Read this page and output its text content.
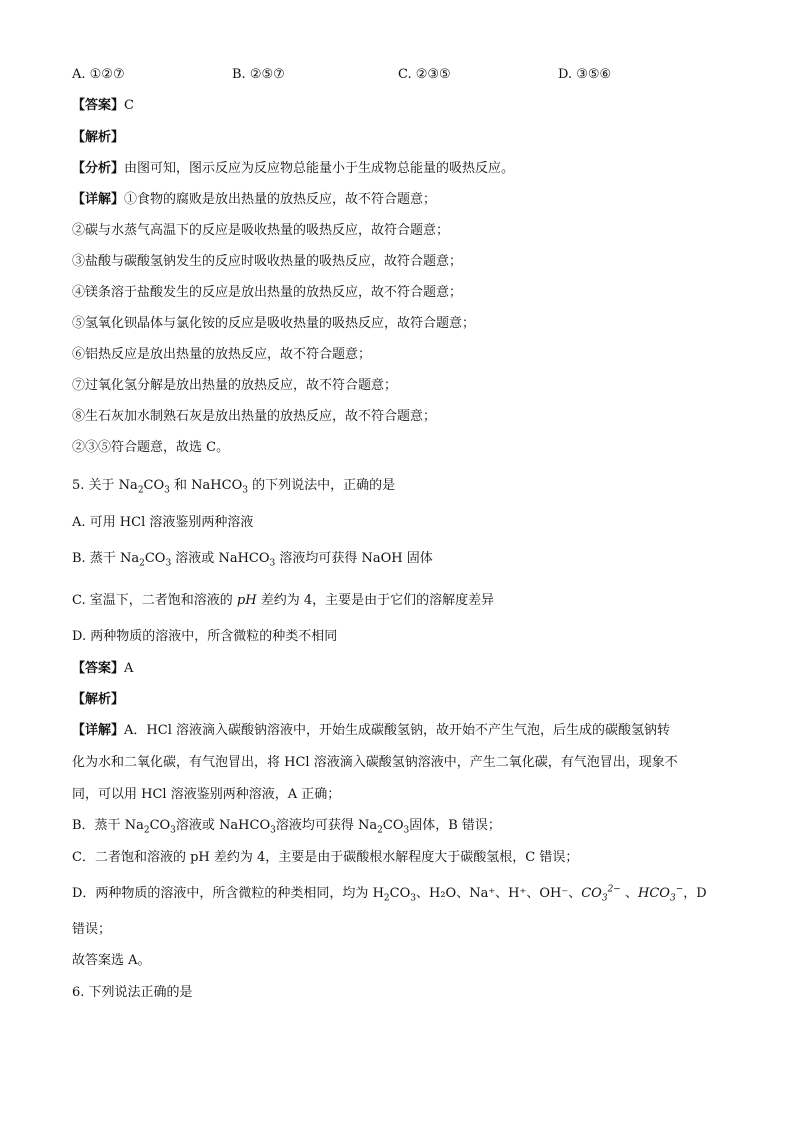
A. ①②⑦	B. ②⑤⑦	C. ②③⑤	D. ③⑤⑥
【答案】C
【解析】
【分析】由图可知，图示反应为反应物总能量小于生成物总能量的吸热反应。
【详解】①食物的腐败是放出热量的放热反应，故不符合题意；
②碳与水蒸气高温下的反应是吸收热量的吸热反应，故符合题意；
③盐酸与碳酸氢钠发生的反应时吸收热量的吸热反应，故符合题意；
④镁条溶于盐酸发生的反应是放出热量的放热反应，故不符合题意；
⑤氢氧化钡晶体与氯化铵的反应是吸收热量的吸热反应，故符合题意；
⑥铝热反应是放出热量的放热反应，故不符合题意；
⑦过氧化氢分解是放出热量的放热反应，故不符合题意；
⑧生石灰加水制熟石灰是放出热量的放热反应，故不符合题意；
②③⑤符合题意，故选 C。
5. 关于 $Na_2CO_3$ 和 NaHCO$_3$ 的下列说法中，正确的是
A. 可用 HCl 溶液鉴别两种溶液
B. 蒸干 $Na_2CO_3$ 溶液或 NaHCO$_3$ 溶液均可获得 NaOH 固体
C. 室温下，二者饱和溶液的 pH 差约为 4，主要是由于它们的溶解度差异
D. 两种物质的溶液中，所含微粒的种类不相同
【答案】A
【解析】
【详解】A．HCl 溶液滴入碳酸钠溶液中，开始生成碳酸氢钠，故开始不产生气泡，后生成的碳酸氢钠转
化为水和二氧化碳，有气泡冒出，将 HCl 溶液滴入碳酸氢钠溶液中，产生二氧化碳，有气泡冒出，现象不
同，可以用 HCl 溶液鉴别两种溶液，A 正确；
B．蒸干 $Na_2CO_3$溶液或 NaHCO$_3$溶液均可获得 $Na_2CO_3$固体，B 错误；
C．二者饱和溶液的 pH 差约为 4，主要是由于碳酸根水解程度大于碳酸氢根，C 错误；
D．两种物质的溶液中，所含微粒的种类相同，均为 $H_2CO_3$、H₂O、Na⁺、H⁺、OH⁻、$CO_3^{2-}$ 、$HCO_3^-$，D
错误；
故答案选 A。
6. 下列说法正确的是
